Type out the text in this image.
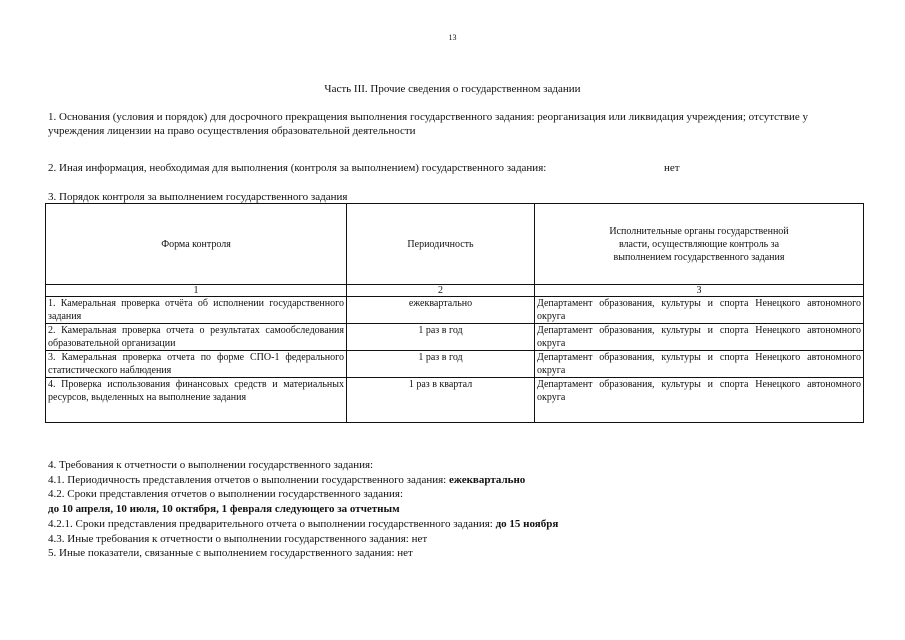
13
Часть III. Прочие сведения о государственном задании
1. Основания (условия и порядок) для досрочного прекращения выполнения государственного задания: реорганизация или ликвидация учреждения; отсутствие у учреждения лицензии на право осуществления образовательной деятельности
2. Иная информация, необходимая для выполнения (контроля за выполнением) государственного задания:	нет
3. Порядок контроля за выполнением государственного задания
Форма контроля	Периодичность	Исполнительные органы государственной власти, осуществляющие контроль за выполнением государственного задания
1	2	3
1. Камеральная проверка отчёта об исполнении государственного задания	ежеквартально	Департамент образования, культуры и спорта Ненецкого автономного округа
2. Камеральная проверка отчета о результатах самообследования образовательной организации	1 раз в год	Департамент образования, культуры и спорта Ненецкого автономного округа
3. Камеральная проверка отчета по форме СПО-1 федерального статистического наблюдения	1 раз в год	Департамент образования, культуры и спорта Ненецкого автономного округа
4. Проверка использования финансовых средств и материальных ресурсов, выделенных на выполнение задания	1 раз в квартал	Департамент образования, культуры и спорта Ненецкого автономного округа
4. Требования к отчетности о выполнении государственного задания:
4.1. Периодичность представления отчетов о выполнении государственного задания: ежеквартально
4.2. Сроки представления отчетов о выполнении государственного задания:
до 10 апреля, 10 июля, 10 октября, 1 февраля следующего за отчетным
4.2.1. Сроки представления предварительного отчета о выполнении государственного задания: до 15 ноября
4.3. Иные требования к отчетности о выполнении государственного задания: нет
5. Иные показатели, связанные с выполнением государственного задания: нет
